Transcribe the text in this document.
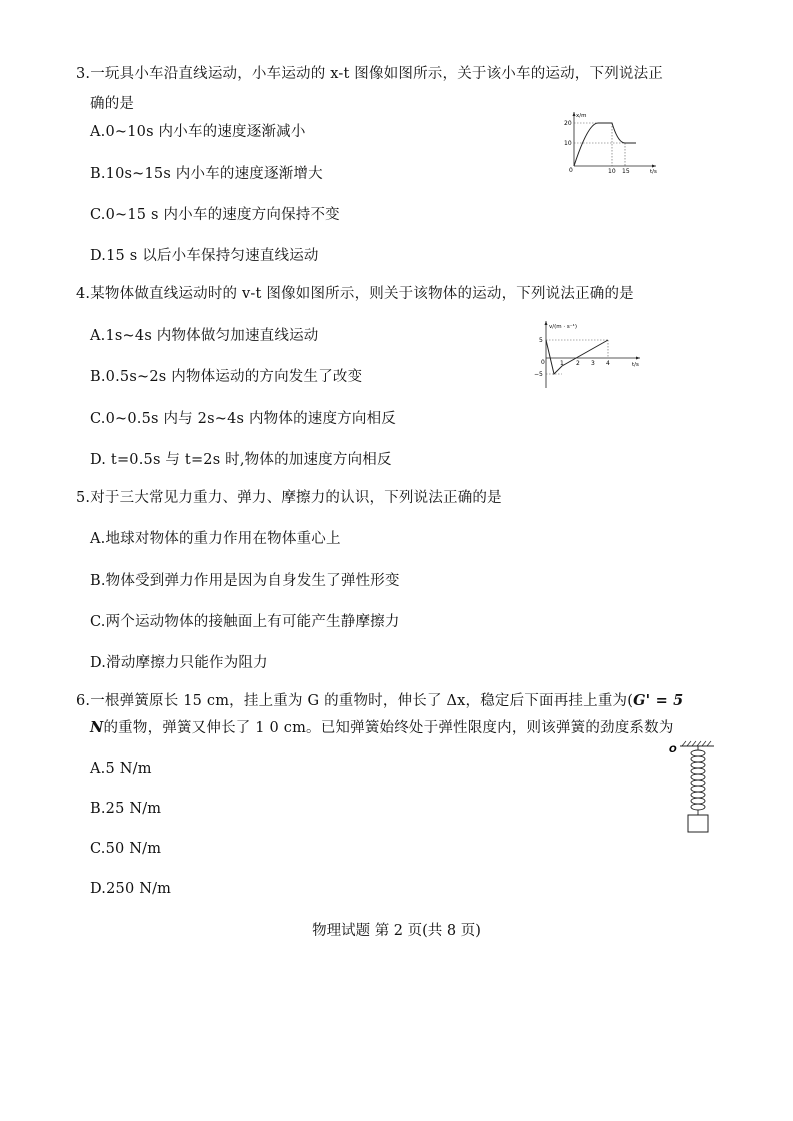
3.一玩具小车沿直线运动，小车运动的 x-t 图像如图所示，关于该小车的运动，下列说法正
确的是
A.0~10s 内小车的速度逐渐减小
B.10s~15s 内小车的速度逐渐增大
C.0~15 s 内小车的速度方向保持不变
D.15 s 以后小车保持匀速直线运动
x/m
t/s
0
10
20
10 15
4.某物体做直线运动时的 v-t 图像如图所示，则关于该物体的运动，下列说法正确的是
A.1s~4s 内物体做匀加速直线运动
B.0.5s~2s 内物体运动的方向发生了改变
C.0~0.5s 内与 2s~4s 内物体的速度方向相反
D. t=0.5s 与 t=2s 时,物体的加速度方向相反
v/(m · s⁻¹)
t/s
0
5
−5
1 2 3 4
5.对于三大常见力重力、弹力、摩擦力的认识，下列说法正确的是
A.地球对物体的重力作用在物体重心上
B.物体受到弹力作用是因为自身发生了弹性形变
C.两个运动物体的接触面上有可能产生静摩擦力
D.滑动摩擦力只能作为阻力
6.一根弹簧原长 15 cm，挂上重为 G 的重物时，伸长了 Δx，稳定后下面再挂上重为(G' = 5
N的重物，弹簧又伸长了 1 0 cm。已知弹簧始终处于弹性限度内，则该弹簧的劲度系数为
A.5 N/m
B.25 N/m
C.50 N/m
D.250 N/m
O
物理试题 第 2 页(共 8 页)
